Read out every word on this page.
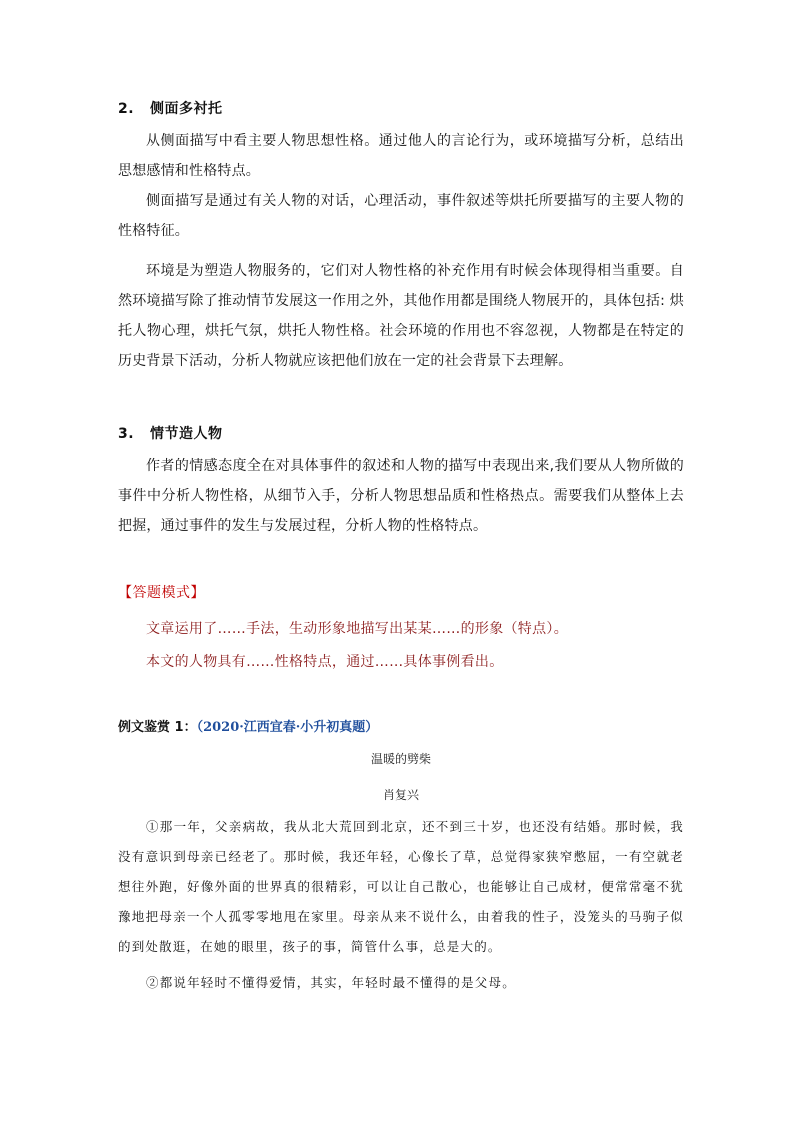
2. 侧面多衬托
从侧面描写中看主要人物思想性格。通过他人的言论行为，或环境描写分析，总结出思想感情和性格特点。
侧面描写是通过有关人物的对话，心理活动，事件叙述等烘托所要描写的主要人物的性格特征。
环境是为塑造人物服务的，它们对人物性格的补充作用有时候会体现得相当重要。自然环境描写除了推动情节发展这一作用之外，其他作用都是围绕人物展开的，具体包括: 烘托人物心理，烘托气氛，烘托人物性格。社会环境的作用也不容忽视，人物都是在特定的历史背景下活动，分析人物就应该把他们放在一定的社会背景下去理解。
3. 情节造人物
作者的情感态度全在对具体事件的叙述和人物的描写中表现出来,我们要从人物所做的事件中分析人物性格，从细节入手，分析人物思想品质和性格热点。需要我们从整体上去把握，通过事件的发生与发展过程，分析人物的性格特点。
【答题模式】
文章运用了……手法，生动形象地描写出某某……的形象（特点）。
本文的人物具有……性格特点，通过……具体事例看出。
例文鉴赏 1：（2020·江西宜春·小升初真题）
温暖的劈柴
肖复兴
①那一年，父亲病故，我从北大荒回到北京，还不到三十岁，也还没有结婚。那时候，我没有意识到母亲已经老了。那时候，我还年轻，心像长了草，总觉得家狭窄憋屈，一有空就老想往外跑，好像外面的世界真的很精彩，可以让自己散心，也能够让自己成材，便常常毫不犹豫地把母亲一个人孤零零地甩在家里。母亲从来不说什么，由着我的性子，没笼头的马驹子似的到处散逛，在她的眼里，孩子的事，简管什么事，总是大的。
②都说年轻时不懂得爱情，其实，年轻时最不懂得的是父母。
